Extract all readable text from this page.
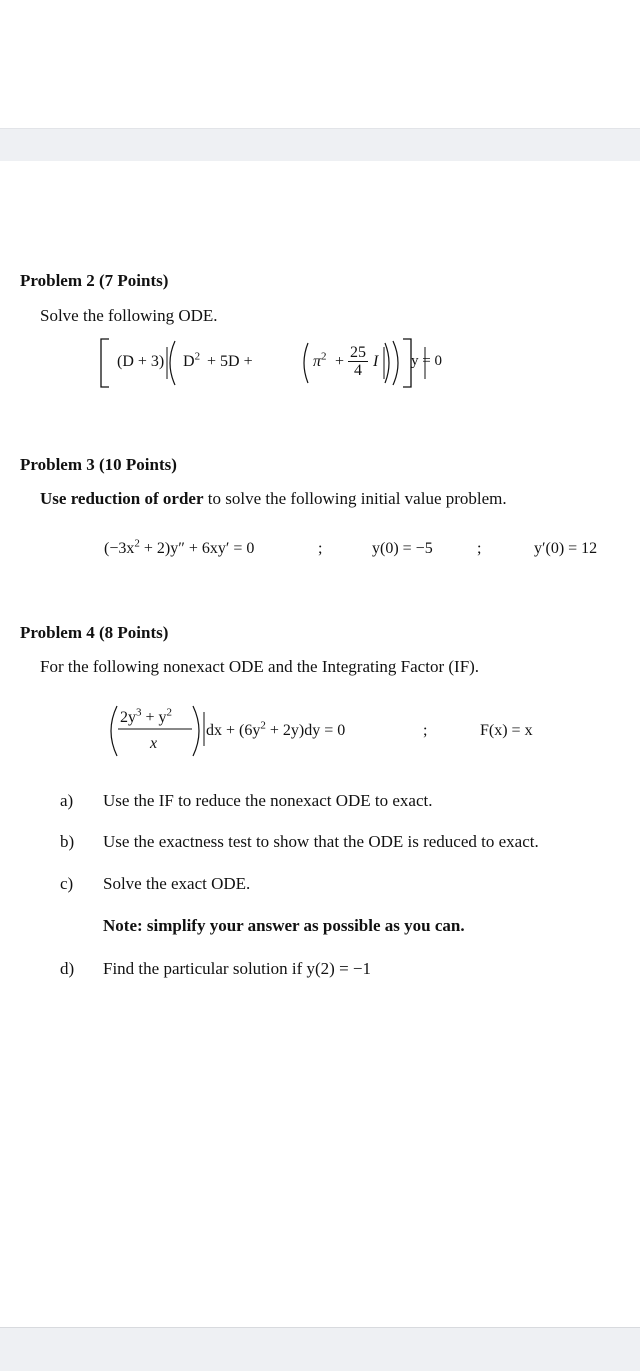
Problem 2 (7 Points)
Solve the following ODE.
(D + 3) $D^2 + 5D$ +	$\pi^2 + \frac{25}{4}$ I y = 0
Problem 3 (10 Points)
Use reduction of order to solve the following initial value problem.
$(-3x^2 + 2)y'' + 6xy' = 0$	;	y(0) = −5	;	y′(0) = 12
Problem 4 (8 Points)
For the following nonexact ODE and the Integrating Factor (IF).
$2y^3 + y^2$
x
dx + $(6y^2 + 2y)dy = 0$	;	F(x) = x
a) Use the IF to reduce the nonexact ODE to exact.
b) Use the exactness test to show that the ODE is reduced to exact.
c) Solve the exact ODE.
Note: simplify your answer as possible as you can.
d) Find the particular solution if y(2) = −1
